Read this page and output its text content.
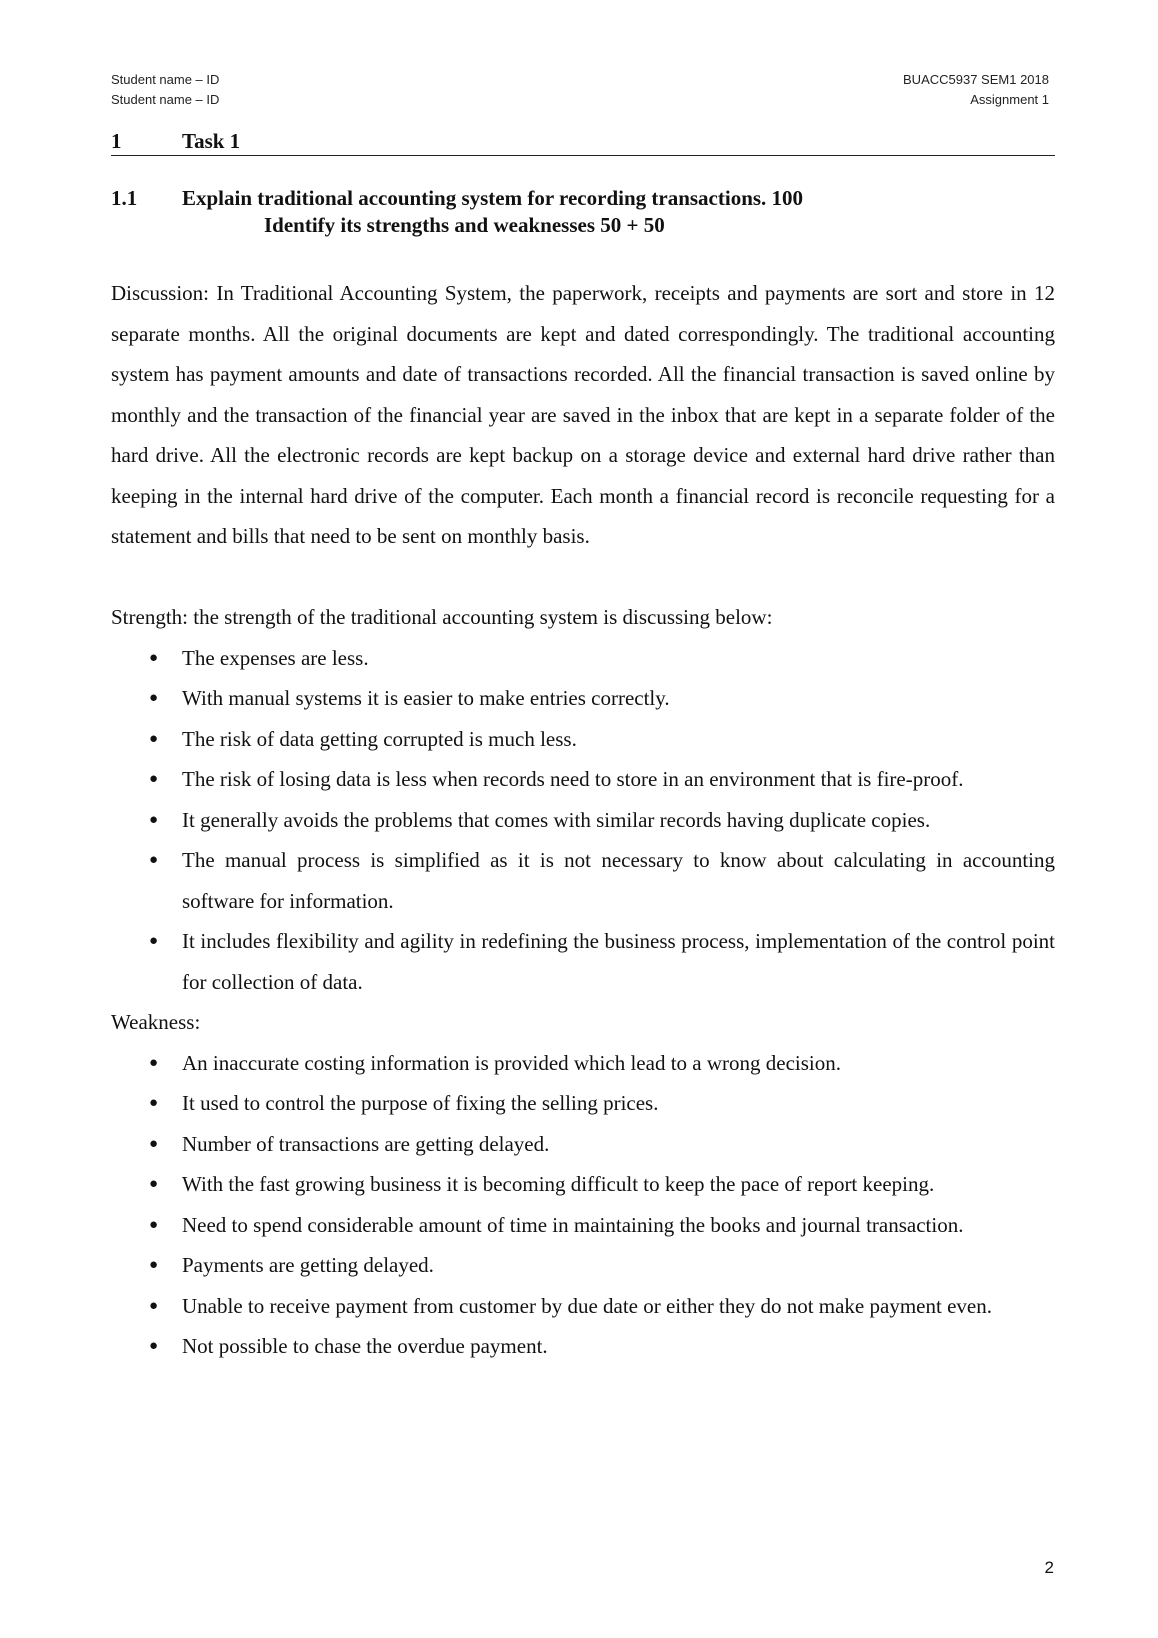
Student name – ID
Student name – ID
BUACC5937 SEM1 2018
Assignment 1
1	Task 1
1.1 Explain traditional accounting system for recording transactions. 100
Identify its strengths and weaknesses 50 + 50

Discussion: In Traditional Accounting System, the paperwork, receipts and payments are sort and store in 12 separate months. All the original documents are kept and dated correspondingly. The traditional accounting system has payment amounts and date of transactions recorded. All the financial transaction is saved online by monthly and the transaction of the financial year are saved in the inbox that are kept in a separate folder of the hard drive. All the electronic records are kept backup on a storage device and external hard drive rather than keeping in the internal hard drive of the computer. Each month a financial record is reconcile requesting for a statement and bills that need to be sent on monthly basis.

Strength: the strength of the traditional accounting system is discussing below:

● The expenses are less.
● With manual systems it is easier to make entries correctly.
● The risk of data getting corrupted is much less.
● The risk of losing data is less when records need to store in an environment that is fire-proof.
● It generally avoids the problems that comes with similar records having duplicate copies.
● The manual process is simplified as it is not necessary to know about calculating in accounting software for information.
● It includes flexibility and agility in redefining the business process, implementation of the control point for collection of data.

Weakness:

● An inaccurate costing information is provided which lead to a wrong decision.
● It used to control the purpose of fixing the selling prices.
● Number of transactions are getting delayed.
● With the fast growing business it is becoming difficult to keep the pace of report keeping.
● Need to spend considerable amount of time in maintaining the books and journal transaction.
● Payments are getting delayed.
● Unable to receive payment from customer by due date or either they do not make payment even.
● Not possible to chase the overdue payment.
2
